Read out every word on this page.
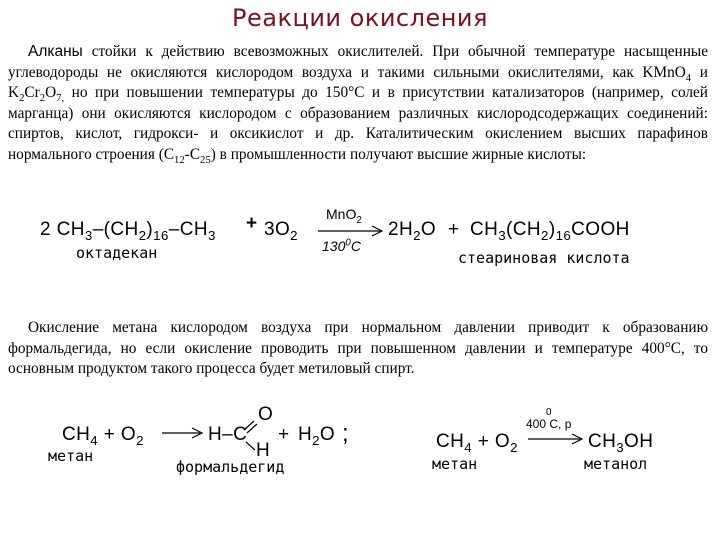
Реакции окисления
Алканы стойки к действию всевозможных окислителей. При обычной температуре насыщенные углеводороды не окисляются кислородом воздуха и такими сильными окислителями, как KMnO$_4$ и $K_2Cr_2O_{7,}$ но при повышении температуры до 150°C и в присутствии катализаторов (например, солей марганца) они окисляются кислородом с образованием различных кислородсодержащих соединений: спиртов, кислот, гидрокси- и оксикислот и др. Каталитическим окислением высших парафинов нормального строения $(C_{12}-C_{25})$ в промышленности получают высшие жирные кислоты:
2 $CH_3-(CH_2)_{16}-CH_3$
+ $3O_2$
MnO$_2$
$130^0C$
$2H_2O$ + $CH_3(CH_2)_{16}COOH$
октадекан	стеариновая кислота
Окисление метана кислородом воздуха при нормальном давлении приводит к образованию формальдегида, но если окисление проводить при повышенном давлении и температуре 400°C, то основным продуктом такого процесса будет метиловый спирт.
$CH_4 + O_2$	H–C
O
H
+ $H_2O$ ;
метан
формальдегид
$CH_4 + O_2$
0
400 C, p
$CH_3OH$
метан	метанол
